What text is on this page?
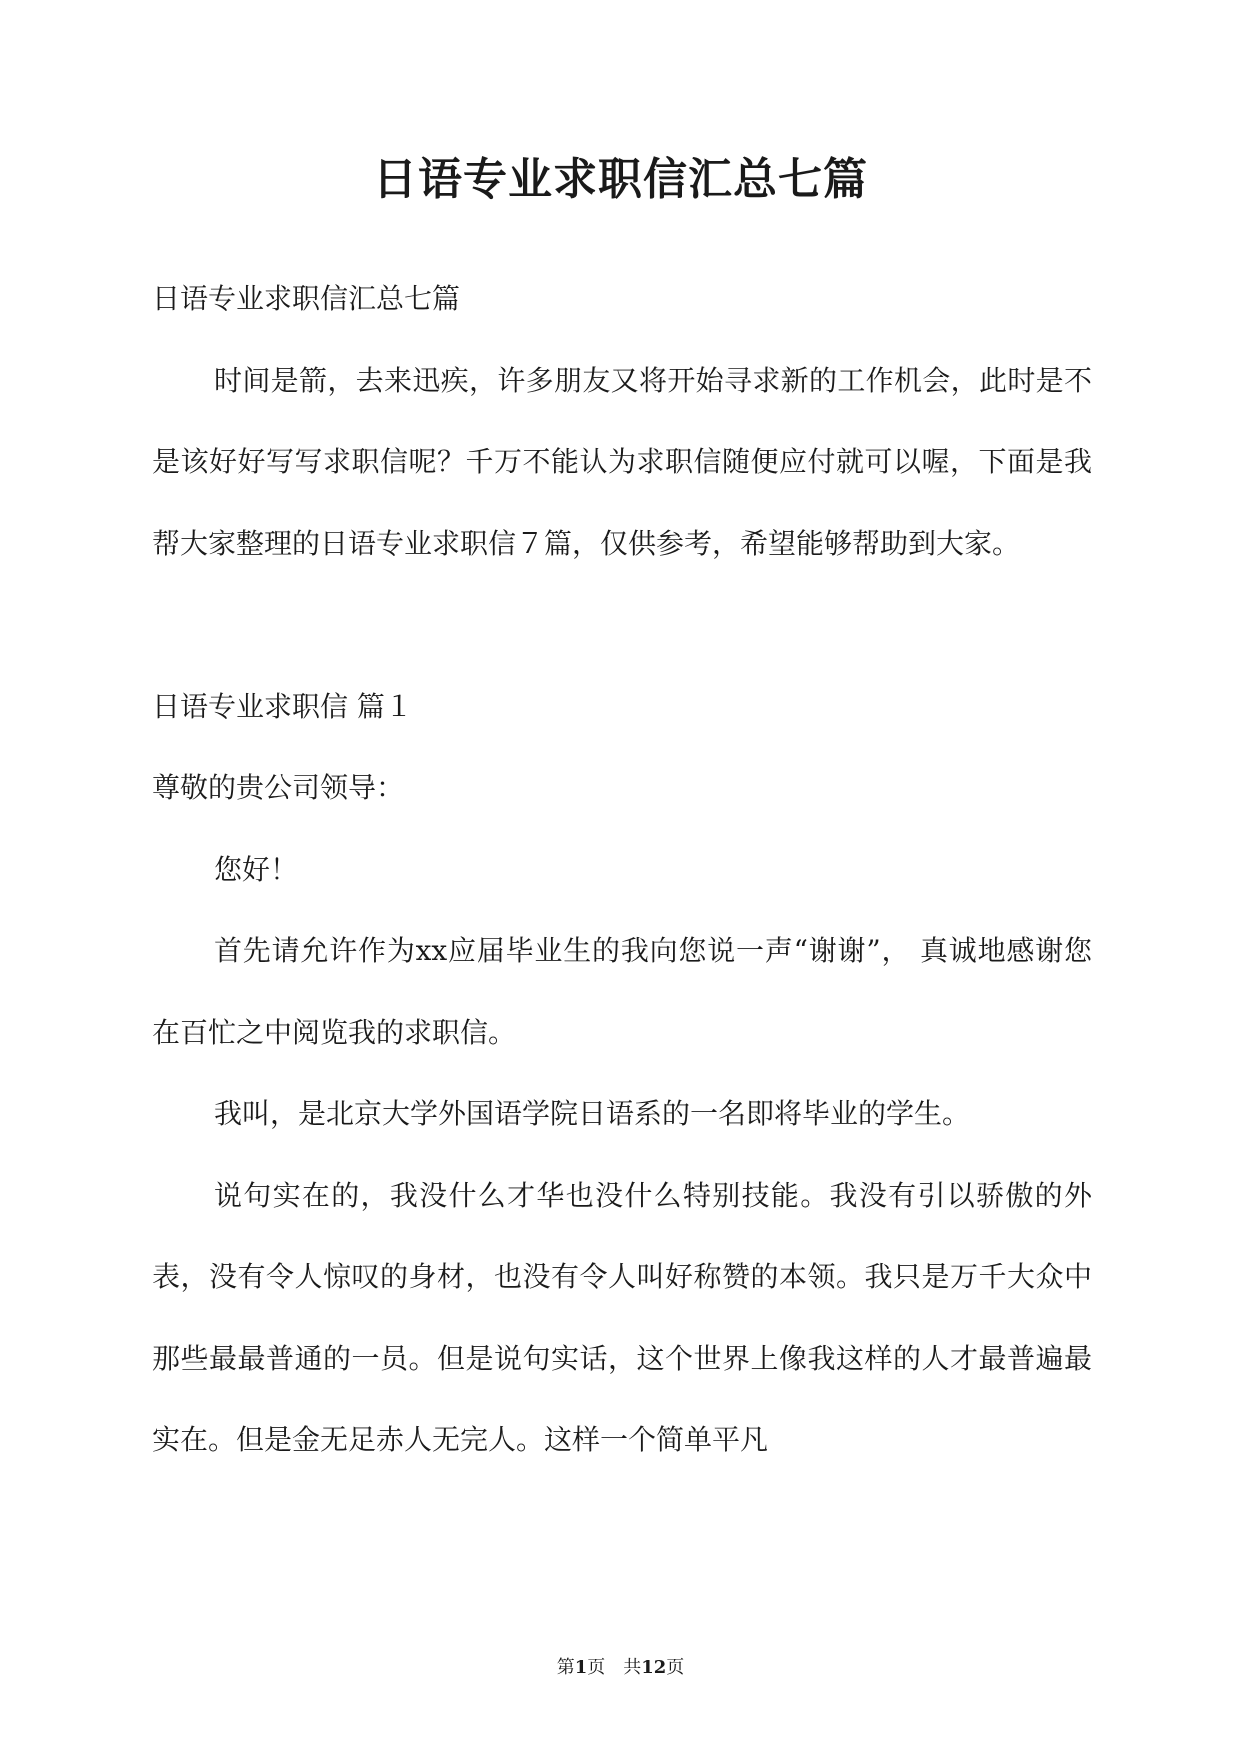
日语专业求职信汇总七篇

日语专业求职信汇总七篇

时间是箭，去来迅疾，许多朋友又将开始寻求新的工作机会，此时是不是该好好写写求职信呢？千万不能认为求职信随便应付就可以喔，下面是我帮大家整理的日语专业求职信７篇，仅供参考，希望能够帮助到大家。

日语专业求职信 篇１

尊敬的贵公司领导：

您好！

首先请允许作为xx应届毕业生的我向您说一声“谢谢”， 真诚地感谢您在百忙之中阅览我的求职信。

我叫，是北京大学外国语学院日语系的一名即将毕业的学生。

说句实在的，我没什么才华也没什么特别技能。我没有引以骄傲的外表，没有令人惊叹的身材，也没有令人叫好称赞的本领。我只是万千大众中那些最最普通的一员。但是说句实话，这个世界上像我这样的人才最普遍最实在。但是金无足赤人无完人。这样一个简单平凡

第1页　共12页
